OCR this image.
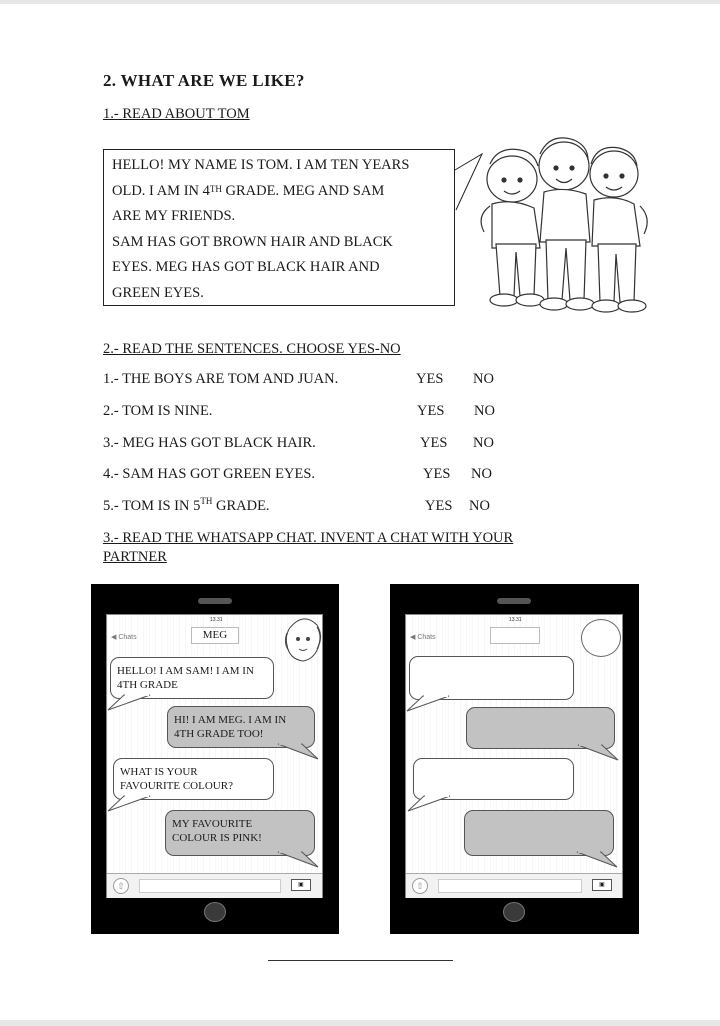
2. WHAT ARE WE LIKE?
1.- READ ABOUT TOM
HELLO! MY NAME IS TOM. I AM TEN YEARS
OLD. I AM IN 4TH GRADE. MEG AND SAM
ARE MY FRIENDS.
SAM HAS GOT BROWN HAIR AND BLACK
EYES. MEG HAS GOT BLACK HAIR AND
GREEN EYES.
2.- READ THE SENTENCES. CHOOSE YES-NO
1.- THE BOYS ARE TOM AND JUAN.	YES NO
2.- TOM IS NINE.	YES NO
3.- MEG HAS GOT BLACK HAIR.	YES NO
4.- SAM HAS GOT GREEN EYES.	YES NO
5.- TOM IS IN 5TH GRADE.	YES NO
3.- READ THE WHATSAPP CHAT. INVENT A CHAT WITH YOUR
PARTNER
13.31
◀ Chats	MEG
⇧	▣
HELLO! I AM SAM! I AM IN
4TH GRADE
HI! I AM MEG. I AM IN
4TH GRADE TOO!
WHAT IS YOUR
FAVOURITE COLOUR?
MY FAVOURITE
COLOUR IS PINK!
13.31
◀ Chats
⇧	▣
